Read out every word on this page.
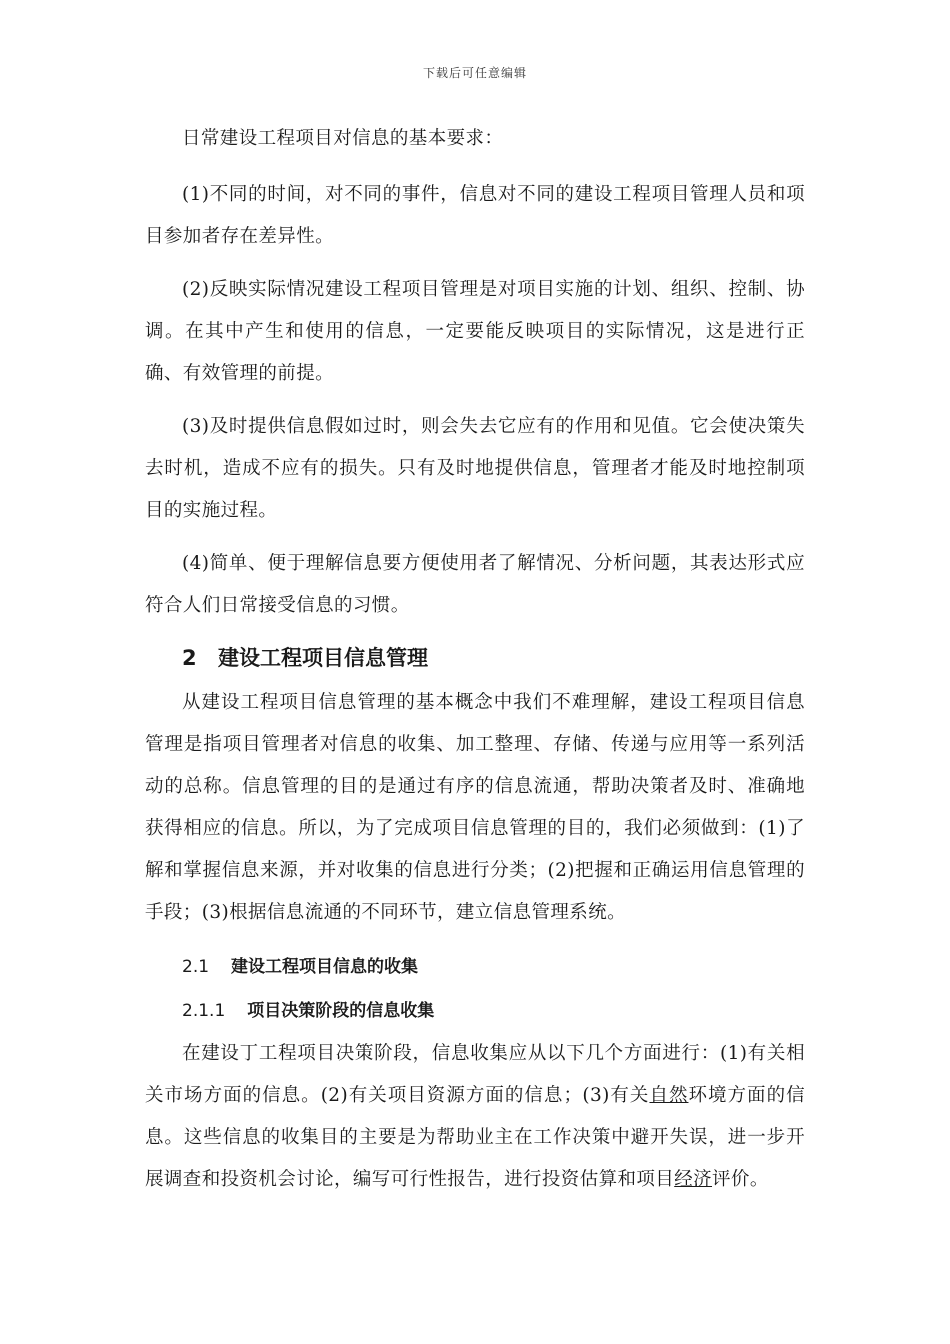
下载后可任意编辑

日常建设工程项目对信息的基本要求：

(1)不同的时间，对不同的事件，信息对不同的建设工程项目管理人员和项目参加者存在差异性。

(2)反映实际情况建设工程项目管理是对项目实施的计划、组织、控制、协调。在其中产生和使用的信息，一定要能反映项目的实际情况，这是进行正确、有效管理的前提。

(3)及时提供信息假如过时，则会失去它应有的作用和见值。它会使决策失去时机，造成不应有的损失。只有及时地提供信息，管理者才能及时地控制项目的实施过程。

(4)简单、便于理解信息要方便使用者了解情况、分析问题，其表达形式应符合人们日常接受信息的习惯。

2 建设工程项目信息管理

从建设工程项目信息管理的基本概念中我们不难理解，建设工程项目信息管理是指项目管理者对信息的收集、加工整理、存储、传递与应用等一系列活动的总称。信息管理的目的是通过有序的信息流通，帮助决策者及时、准确地获得相应的信息。所以，为了完成项目信息管理的目的，我们必须做到：(1)了解和掌握信息来源，并对收集的信息进行分类；(2)把握和正确运用信息管理的手段；(3)根据信息流通的不同环节，建立信息管理系统。

2.1 建设工程项目信息的收集
2.1.1 项目决策阶段的信息收集

在建设丁工程项目决策阶段，信息收集应从以下几个方面进行：(1)有关相关市场方面的信息。(2)有关项目资源方面的信息；(3)有关自然环境方面的信息。这些信息的收集目的主要是为帮助业主在工作决策中避开失误，进一步开展调查和投资机会讨论，编写可行性报告，进行投资估算和项目经济评价。
